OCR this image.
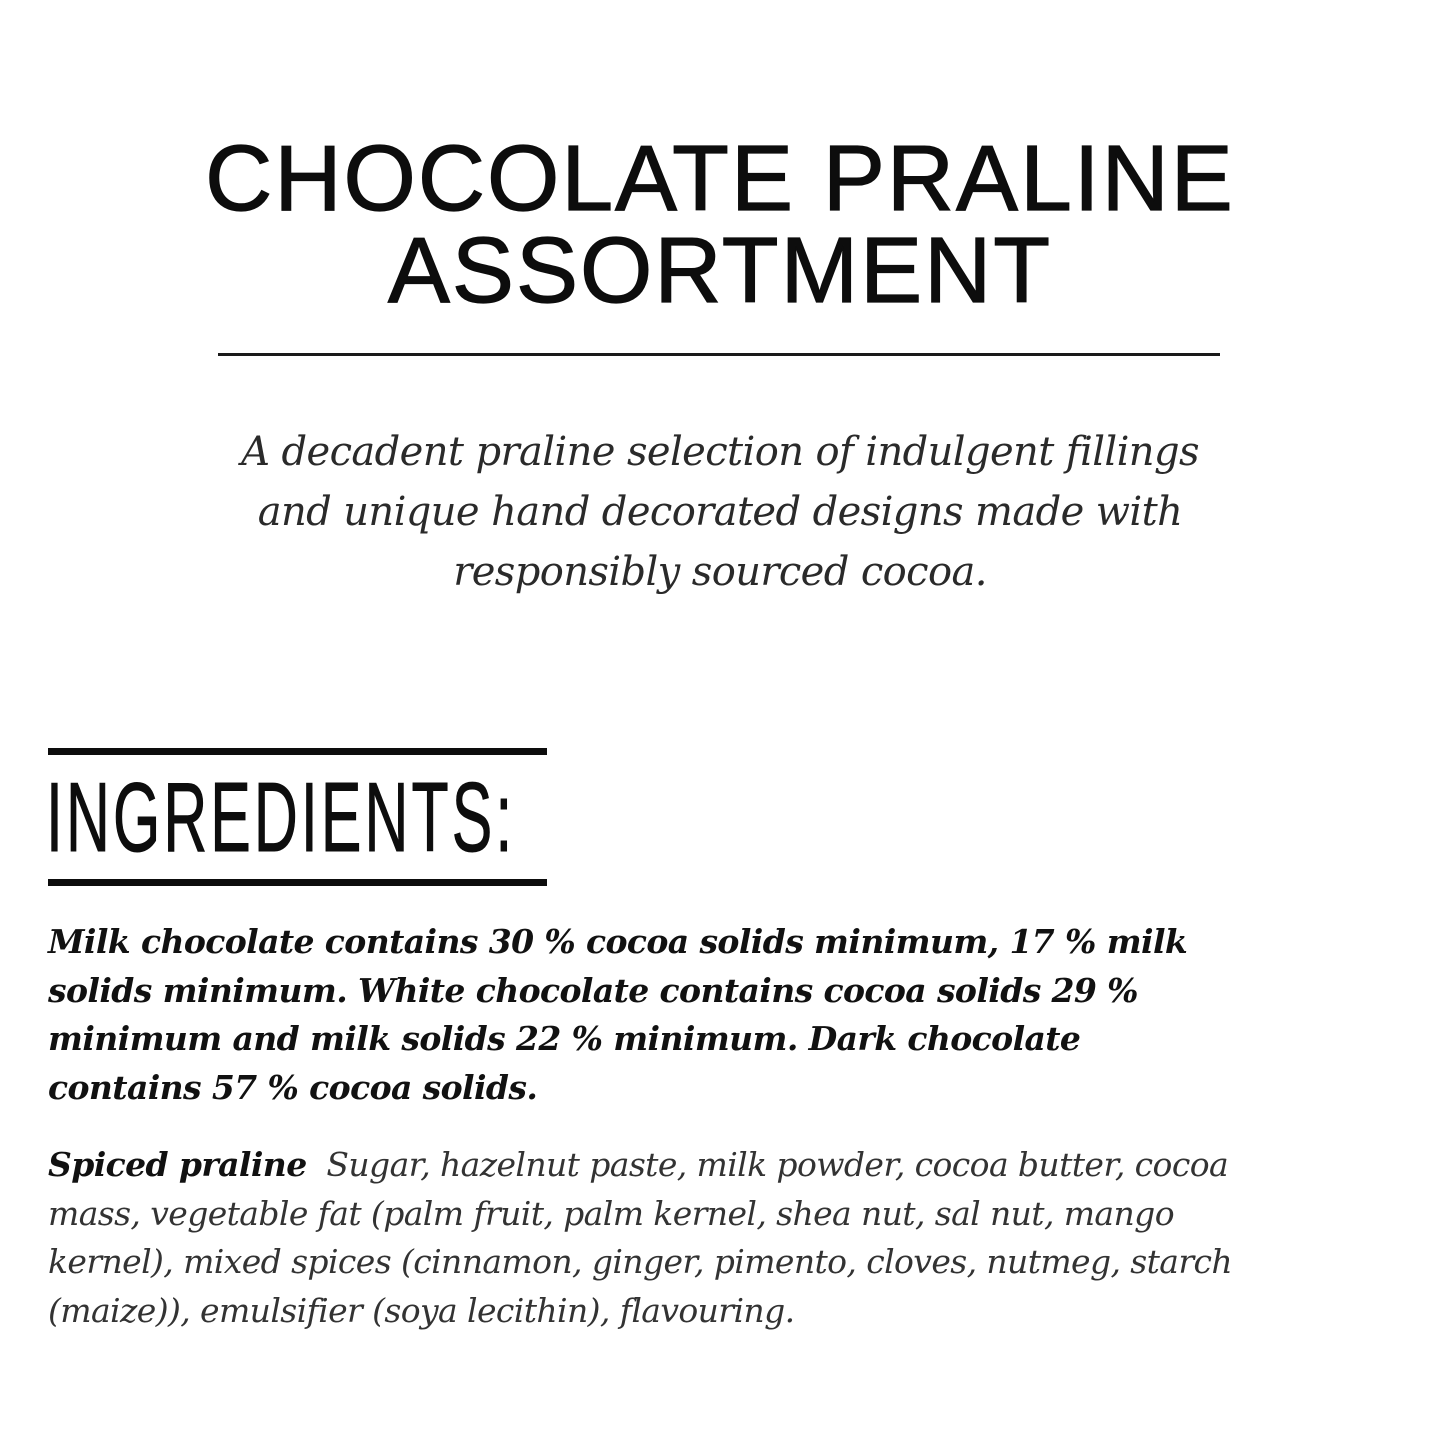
CHOCOLATE PRALINE
ASSORTMENT
A decadent praline selection of indulgent fillings
and unique hand decorated designs made with
responsibly sourced cocoa.
INGREDIENTS:
Milk chocolate contains 30 % cocoa solids minimum, 17 % milk
solids minimum. White chocolate contains cocoa solids 29 %
minimum and milk solids 22 % minimum. Dark chocolate
contains 57 % cocoa solids.
Spiced praline Sugar, hazelnut paste, milk powder, cocoa butter, cocoa
mass, vegetable fat (palm fruit, palm kernel, shea nut, sal nut, mango
kernel), mixed spices (cinnamon, ginger, pimento, cloves, nutmeg, starch
(maize)), emulsifier (soya lecithin), flavouring.
